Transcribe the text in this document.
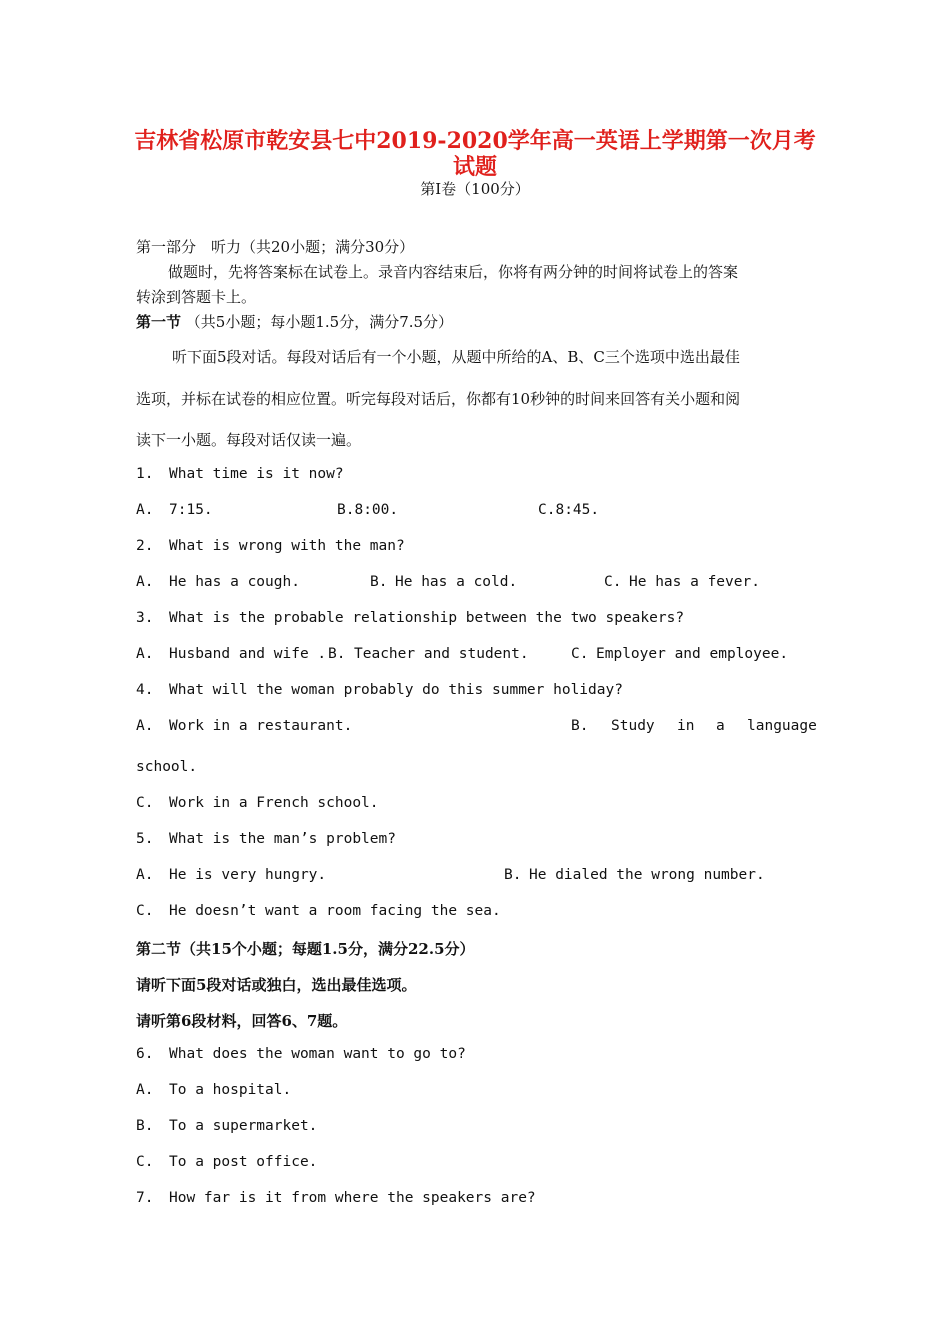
吉林省松原市乾安县七中2019-2020学年高一英语上学期第一次月考
试题
第Ⅰ卷（100分）
第一部分　听力（共20小题；满分30分）
做题时，先将答案标在试卷上。录音内容结束后，你将有两分钟的时间将试卷上的答案
转涂到答题卡上。
第一节 （共5小题；每小题1.5分，满分7.5分）
听下面5段对话。每段对话后有一个小题，从题中所给的A、B、C三个选项中选出最佳
选项，并标在试卷的相应位置。听完每段对话后，你都有10秒钟的时间来回答有关小题和阅
读下一小题。每段对话仅读一遍。
1. What time is it now?
A. 7:15.	B.8:00.	C.8:45.
2. What is wrong with the man?
A. He has a cough.	B. He has a cold.	C. He has a fever.
3. What is the probable relationship between the two speakers?
A. Husband and wife . B. Teacher and student.	C. Employer and employee.
4. What will the woman probably do this summer holiday?
A. Work in a restaurant.	B. Study in a language
school.
C. Work in a French school.
5. What is the man’s problem?
A. He is very hungry.	B. He dialed the wrong number.
C. He doesn’t want a room facing the sea.
第二节（共15个小题；每题1.5分，满分22.5分）
请听下面5段对话或独白，选出最佳选项。
请听第6段材料，回答6、7题。
6. What does the woman want to go to?
A. To a hospital.
B. To a supermarket.
C. To a post office.
7. How far is it from where the speakers are?
